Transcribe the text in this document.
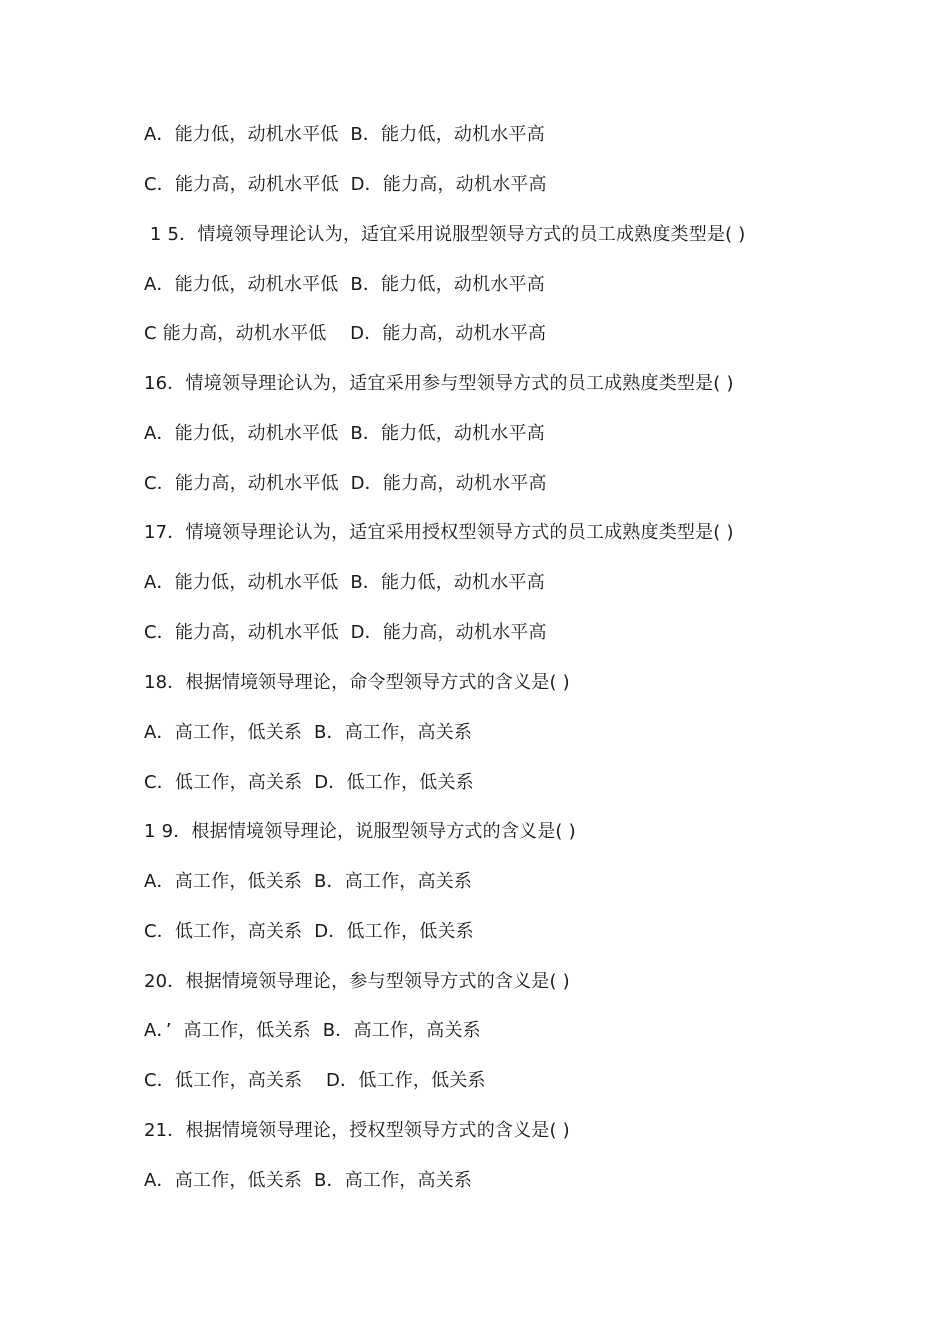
A．能力低，动机水平低  B．能力低，动机水平高
C．能力高，动机水平低  D．能力高，动机水平高
1 5．情境领导理论认为，适宜采用说服型领导方式的员工成熟度类型是( )
A．能力低，动机水平低  B．能力低，动机水平高
C 能力高，动机水平低    D．能力高，动机水平高
16．情境领导理论认为，适宜采用参与型领导方式的员工成熟度类型是( )
A．能力低，动机水平低  B．能力低，动机水平高
C．能力高，动机水平低  D．能力高，动机水平高
17．情境领导理论认为，适宜采用授权型领导方式的员工成熟度类型是( )
A．能力低，动机水平低  B．能力低，动机水平高
C．能力高，动机水平低  D．能力高，动机水平高
18．根据情境领导理论，命令型领导方式的含义是( )
A．高工作，低关系  B．高工作，高关系
C．低工作，高关系  D．低工作，低关系
1 9．根据情境领导理论，说服型领导方式的含义是( )
A．高工作，低关系  B．高工作，高关系
C．低工作，高关系  D．低工作，低关系
20．根据情境领导理论，参与型领导方式的含义是( )
A．’  高工作，低关系  B．高工作，高关系
C．低工作，高关系    D．低工作，低关系
21．根据情境领导理论，授权型领导方式的含义是( )
A．高工作，低关系  B．高工作，高关系
